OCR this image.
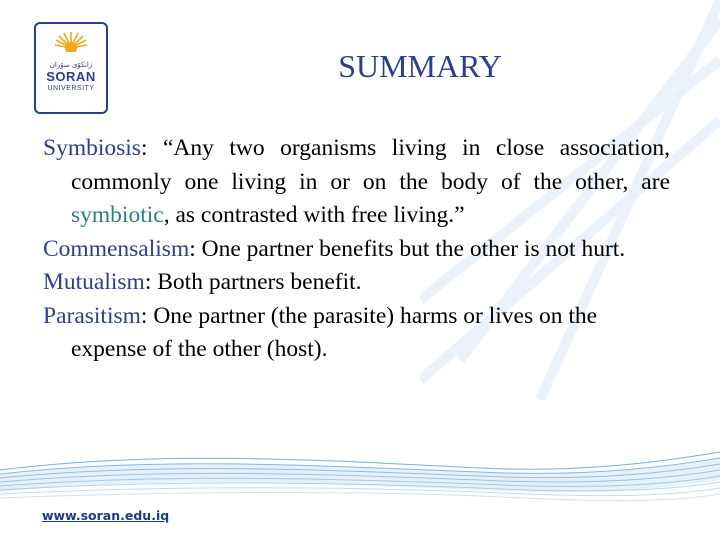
زانكۆی سۆران
SORAN
UNIVERSITY
SUMMARY

Symbiosis: “Any two organisms living in close association, commonly one living in or on the body of the other, are symbiotic, as contrasted with free living.”

Commensalism: One partner benefits but the other is not hurt.

Mutualism: Both partners benefit.

Parasitism: One partner (the parasite) harms or lives on the expense of the other (host).

www.soran.edu.iq
